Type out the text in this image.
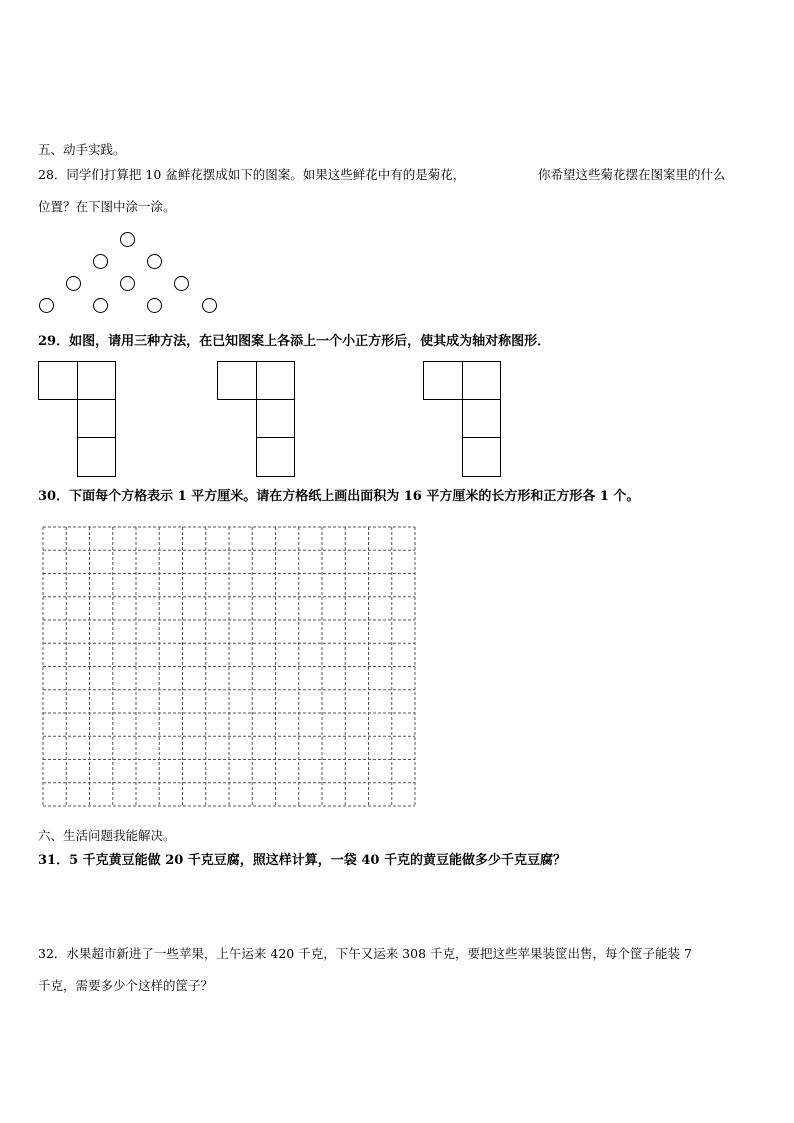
五、动手实践。
28．同学们打算把 10 盆鲜花摆成如下的图案。如果这些鲜花中有的是菊花，	你希望这些菊花摆在图案里的什么
位置？在下图中涂一涂。
29．如图，请用三种方法，在已知图案上各添上一个小正方形后，使其成为轴对称图形．
30．下面每个方格表示 1 平方厘米。请在方格纸上画出面积为 16 平方厘米的长方形和正方形各 1 个。
六、生活问题我能解决。
31．5 千克黄豆能做 20 千克豆腐，照这样计算，一袋 40 千克的黄豆能做多少千克豆腐？
32．水果超市新进了一些苹果，上午运来 420 千克，下午又运来 308 千克，要把这些苹果装筐出售，每个筐子能装 7
千克，需要多少个这样的筐子？
